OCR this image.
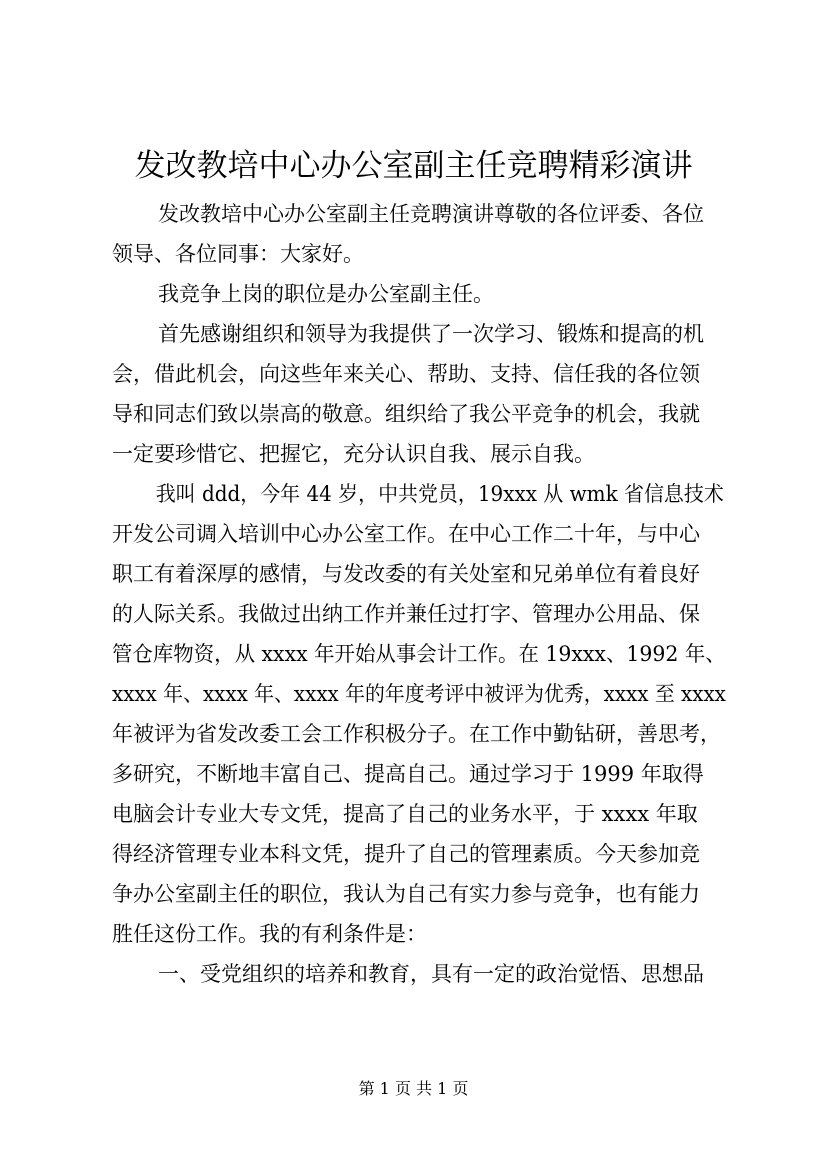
发改教培中心办公室副主任竞聘精彩演讲
发改教培中心办公室副主任竞聘演讲尊敬的各位评委、各位
领导、各位同事：大家好。
我竞争上岗的职位是办公室副主任。
首先感谢组织和领导为我提供了一次学习、锻炼和提高的机
会，借此机会，向这些年来关心、帮助、支持、信任我的各位领
导和同志们致以崇高的敬意。组织给了我公平竞争的机会，我就
一定要珍惜它、把握它，充分认识自我、展示自我。
我叫 ddd，今年 44 岁，中共党员，19xxx 从 wmk 省信息技术
开发公司调入培训中心办公室工作。在中心工作二十年，与中心
职工有着深厚的感情，与发改委的有关处室和兄弟单位有着良好
的人际关系。我做过出纳工作并兼任过打字、管理办公用品、保
管仓库物资，从 xxxx 年开始从事会计工作。在 19xxx、1992 年、
xxxx 年、xxxx 年、xxxx 年的年度考评中被评为优秀，xxxx 至 xxxx
年被评为省发改委工会工作积极分子。在工作中勤钻研，善思考，
多研究，不断地丰富自己、提高自己。通过学习于 1999 年取得
电脑会计专业大专文凭，提高了自己的业务水平，于 xxxx 年取
得经济管理专业本科文凭，提升了自己的管理素质。今天参加竞
争办公室副主任的职位，我认为自己有实力参与竞争，也有能力
胜任这份工作。我的有利条件是：
一、受党组织的培养和教育，具有一定的政治觉悟、思想品
第 1 页 共 1 页
